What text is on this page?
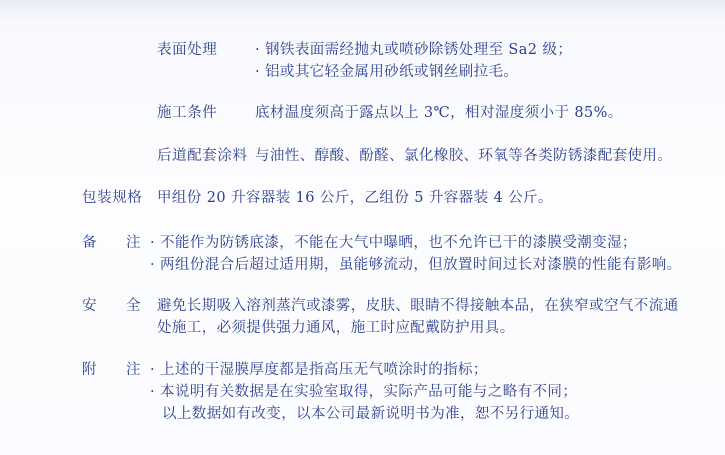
表面处理	· 钢铁表面需经抛丸或喷砂除锈处理至 Sa2 级；
· 铝或其它轻金属用砂纸或钢丝刷拉毛。
施工条件	底材温度须高于露点以上 3℃，相对湿度须小于 85%。
后道配套涂料 与油性、醇酸、酚醛、氯化橡胶、环氧等各类防锈漆配套使用。
包装规格 甲组份 20 升容器装 16 公斤，乙组份 5 升容器装 4 公斤。
备 注 · 不能作为防锈底漆，不能在大气中曝晒，也不允许已干的漆膜受潮变湿；
· 两组份混合后超过适用期，虽能够流动，但放置时间过长对漆膜的性能有影响。
安 全 避免长期吸入溶剂蒸汽或漆雾，皮肤、眼睛不得接触本品，在狭窄或空气不流通
处施工，必须提供强力通风，施工时应配戴防护用具。
附 注 · 上述的干湿膜厚度都是指高压无气喷涂时的指标；
· 本说明有关数据是在实验室取得，实际产品可能与之略有不同；
以上数据如有改变，以本公司最新说明书为准，恕不另行通知。
